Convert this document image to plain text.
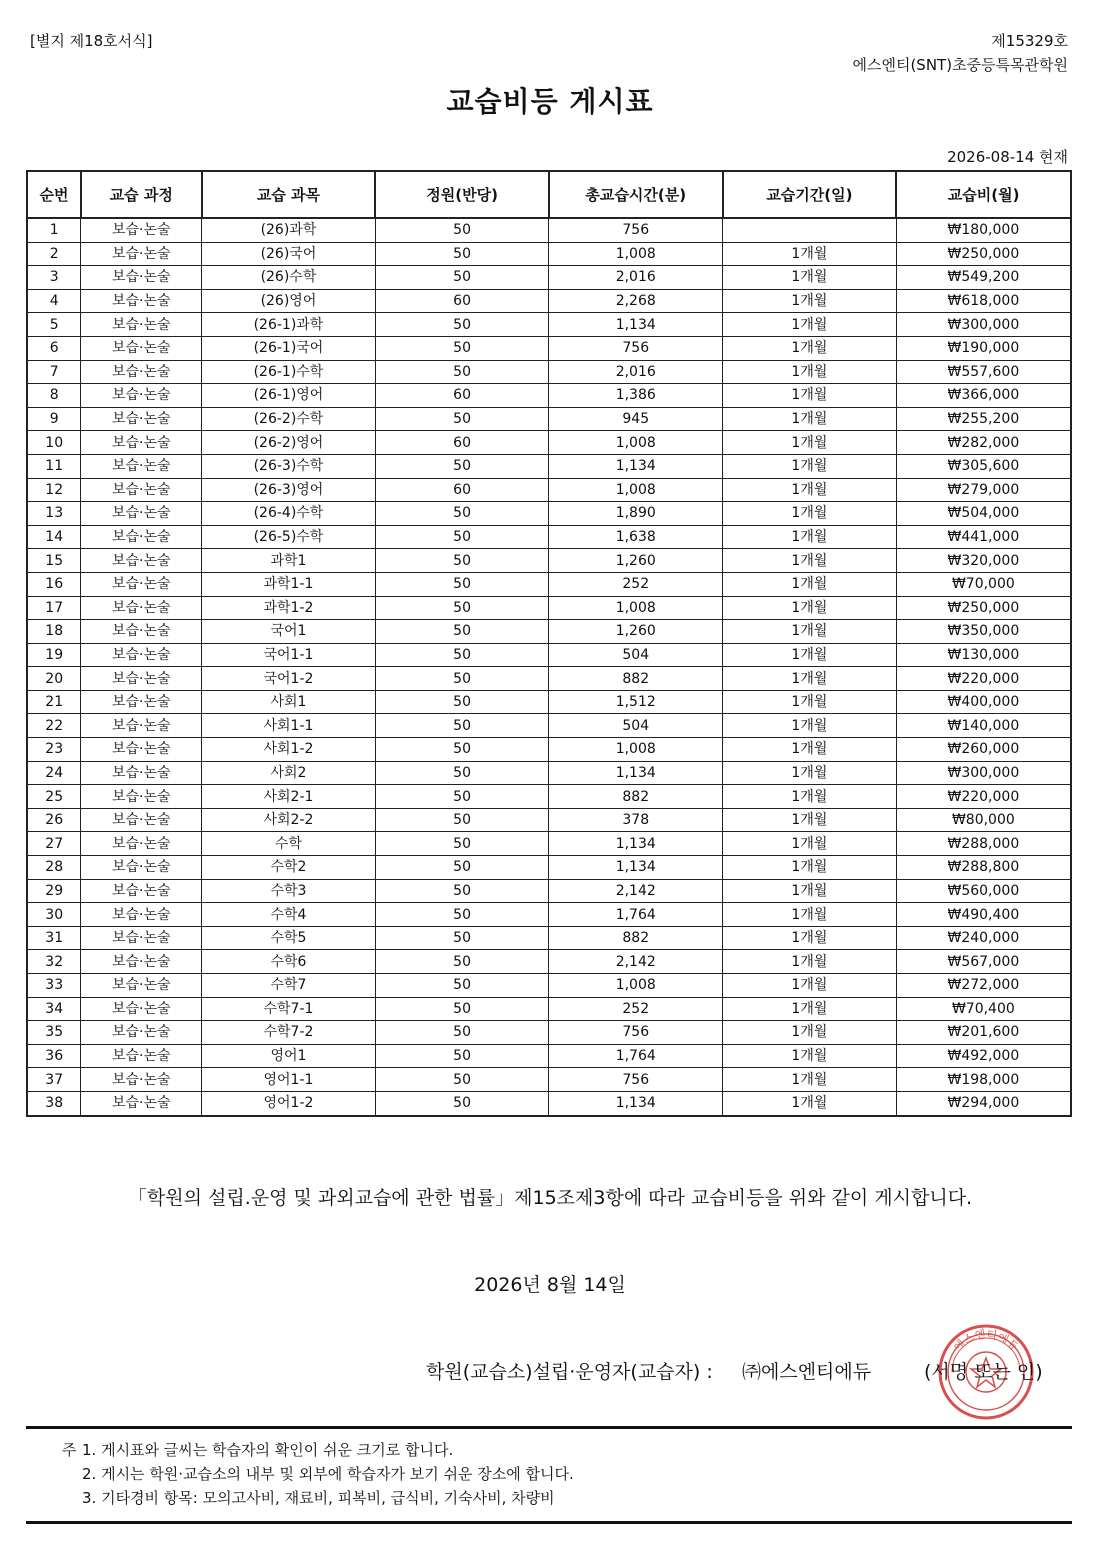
[별지 제18호서식]	제15329호
에스엔티(SNT)초중등특목관학원
교습비등 게시표
2026-08-14 현재
순번	교습 과정	교습 과목	정원(반당)	총교습시간(분)	교습기간(일)	교습비(월)
1	보습·논술	(26)과학	50	756		₩180,000
2	보습·논술	(26)국어	50	1,008	1개월	₩250,000
3	보습·논술	(26)수학	50	2,016	1개월	₩549,200
4	보습·논술	(26)영어	60	2,268	1개월	₩618,000
5	보습·논술	(26-1)과학	50	1,134	1개월	₩300,000
6	보습·논술	(26-1)국어	50	756	1개월	₩190,000
7	보습·논술	(26-1)수학	50	2,016	1개월	₩557,600
8	보습·논술	(26-1)영어	60	1,386	1개월	₩366,000
9	보습·논술	(26-2)수학	50	945	1개월	₩255,200
10	보습·논술	(26-2)영어	60	1,008	1개월	₩282,000
11	보습·논술	(26-3)수학	50	1,134	1개월	₩305,600
12	보습·논술	(26-3)영어	60	1,008	1개월	₩279,000
13	보습·논술	(26-4)수학	50	1,890	1개월	₩504,000
14	보습·논술	(26-5)수학	50	1,638	1개월	₩441,000
15	보습·논술	과학1	50	1,260	1개월	₩320,000
16	보습·논술	과학1-1	50	252	1개월	₩70,000
17	보습·논술	과학1-2	50	1,008	1개월	₩250,000
18	보습·논술	국어1	50	1,260	1개월	₩350,000
19	보습·논술	국어1-1	50	504	1개월	₩130,000
20	보습·논술	국어1-2	50	882	1개월	₩220,000
21	보습·논술	사회1	50	1,512	1개월	₩400,000
22	보습·논술	사회1-1	50	504	1개월	₩140,000
23	보습·논술	사회1-2	50	1,008	1개월	₩260,000
24	보습·논술	사회2	50	1,134	1개월	₩300,000
25	보습·논술	사회2-1	50	882	1개월	₩220,000
26	보습·논술	사회2-2	50	378	1개월	₩80,000
27	보습·논술	수학	50	1,134	1개월	₩288,000
28	보습·논술	수학2	50	1,134	1개월	₩288,800
29	보습·논술	수학3	50	2,142	1개월	₩560,000
30	보습·논술	수학4	50	1,764	1개월	₩490,400
31	보습·논술	수학5	50	882	1개월	₩240,000
32	보습·논술	수학6	50	2,142	1개월	₩567,000
33	보습·논술	수학7	50	1,008	1개월	₩272,000
34	보습·논술	수학7-1	50	252	1개월	₩70,400
35	보습·논술	수학7-2	50	756	1개월	₩201,600
36	보습·논술	영어1	50	1,764	1개월	₩492,000
37	보습·논술	영어1-1	50	756	1개월	₩198,000
38	보습·논술	영어1-2	50	1,134	1개월	₩294,000
「학원의 설립.운영 및 과외교습에 관한 법률」제15조제3항에 따라 교습비등을 위와 같이 게시합니다.
2026년 8월 14일
학원(교습소)설립·운영자(교습자) : ㈜에스엔티에듀
에스엔티에듀
(서명 또는 인)
주 1. 게시표와 글씨는 학습자의 확인이 쉬운 크기로 합니다.
2. 게시는 학원·교습소의 내부 및 외부에 학습자가 보기 쉬운 장소에 합니다.
3. 기타경비 항목: 모의고사비, 재료비, 피복비, 급식비, 기숙사비, 차량비
